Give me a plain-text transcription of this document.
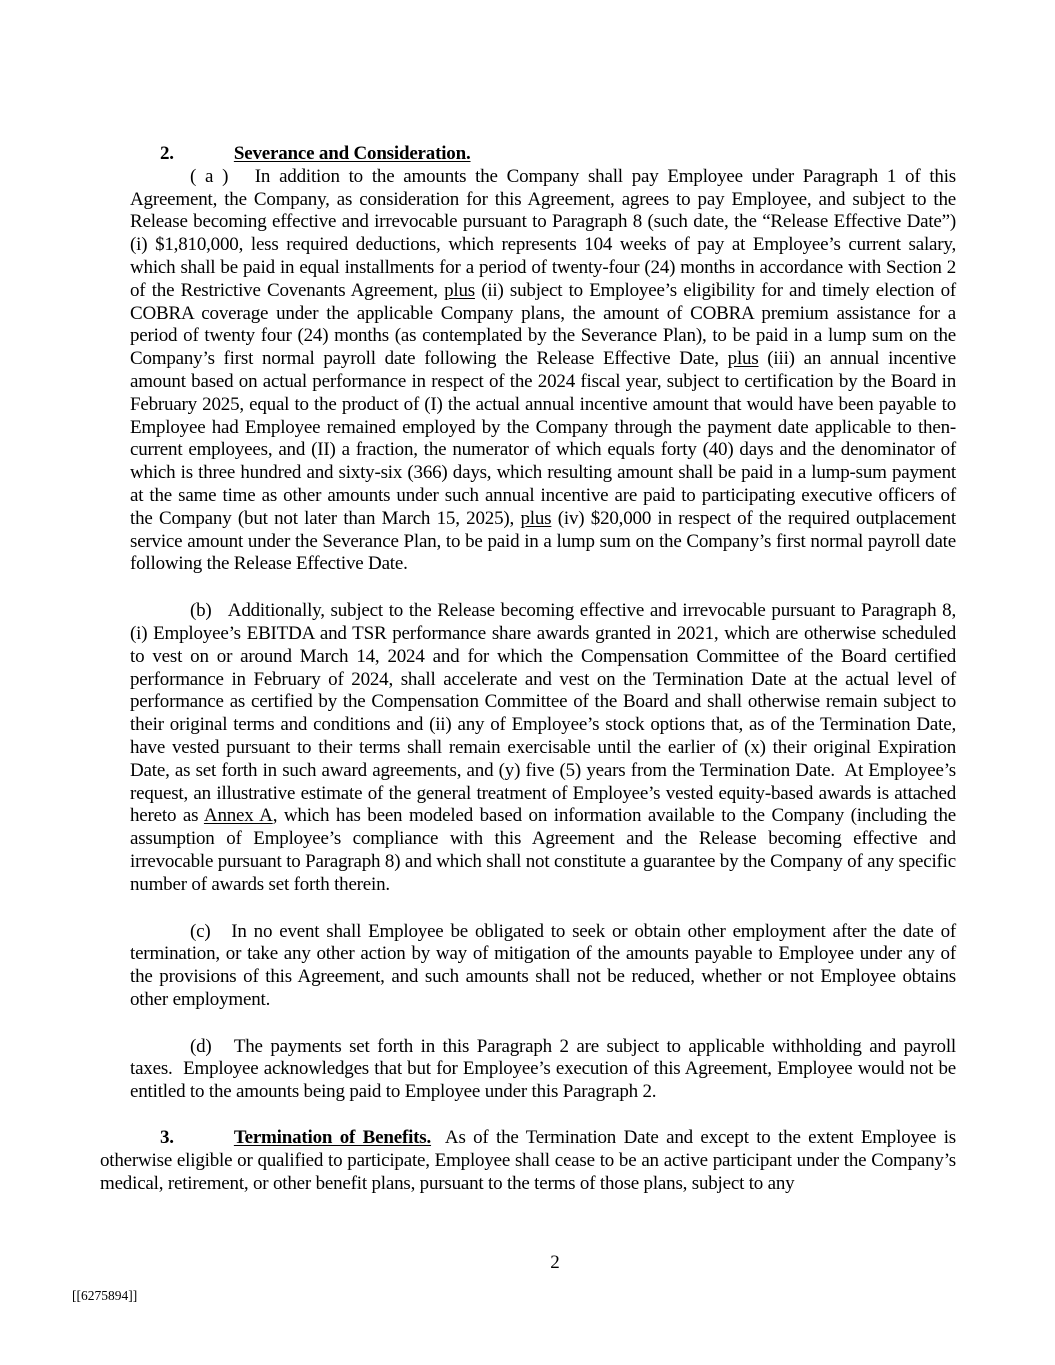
2.	Severance and Consideration.

( a )   In addition to the amounts the Company shall pay Employee under Paragraph 1 of this Agreement, the Company, as consideration for this Agreement, agrees to pay Employee, and subject to the Release becoming effective and irrevocable pursuant to Paragraph 8 (such date, the “Release Effective Date”) (i) $1,810,000, less required deductions, which represents 104 weeks of pay at Employee’s current salary, which shall be paid in equal installments for a period of twenty-four (24) months in accordance with Section 2 of the Restrictive Covenants Agreement, plus (ii) subject to Employee’s eligibility for and timely election of COBRA coverage under the applicable Company plans, the amount of COBRA premium assistance for a period of twenty four (24) months (as contemplated by the Severance Plan), to be paid in a lump sum on the Company’s first normal payroll date following the Release Effective Date, plus (iii) an annual incentive amount based on actual performance in respect of the 2024 fiscal year, subject to certification by the Board in February 2025, equal to the product of (I) the actual annual incentive amount that would have been payable to Employee had Employee remained employed by the Company through the payment date applicable to then-current employees, and (II) a fraction, the numerator of which equals forty (40) days and the denominator of which is three hundred and sixty-six (366) days, which resulting amount shall be paid in a lump-sum payment at the same time as other amounts under such annual incentive are paid to participating executive officers of the Company (but not later than March 15, 2025), plus (iv) $20,000 in respect of the required outplacement service amount under the Severance Plan, to be paid in a lump sum on the Company’s first normal payroll date following the Release Effective Date.

(b)   Additionally, subject to the Release becoming effective and irrevocable pursuant to Paragraph 8, (i) Employee’s EBITDA and TSR performance share awards granted in 2021, which are otherwise scheduled to vest on or around March 14, 2024 and for which the Compensation Committee of the Board certified performance in February of 2024, shall accelerate and vest on the Termination Date at the actual level of performance as certified by the Compensation Committee of the Board and shall otherwise remain subject to their original terms and conditions and (ii) any of Employee’s stock options that, as of the Termination Date, have vested pursuant to their terms shall remain exercisable until the earlier of (x) their original Expiration Date, as set forth in such award agreements, and (y) five (5) years from the Termination Date.  At Employee’s request, an illustrative estimate of the general treatment of Employee’s vested equity-based awards is attached hereto as Annex A, which has been modeled based on information available to the Company (including the assumption of Employee’s compliance with this Agreement and the Release becoming effective and irrevocable pursuant to Paragraph 8) and which shall not constitute a guarantee by the Company of any specific number of awards set forth therein.

(c)   In no event shall Employee be obligated to seek or obtain other employment after the date of termination, or take any other action by way of mitigation of the amounts payable to Employee under any of the provisions of this Agreement, and such amounts shall not be reduced, whether or not Employee obtains other employment.

(d)   The payments set forth in this Paragraph 2 are subject to applicable withholding and payroll taxes.  Employee acknowledges that but for Employee’s execution of this Agreement, Employee would not be entitled to the amounts being paid to Employee under this Paragraph 2.

3.	Termination of Benefits.  As of the Termination Date and except to the extent Employee is otherwise eligible or qualified to participate, Employee shall cease to be an active participant under the Company’s medical, retirement, or other benefit plans, pursuant to the terms of those plans, subject to any

2
[[6275894]]
